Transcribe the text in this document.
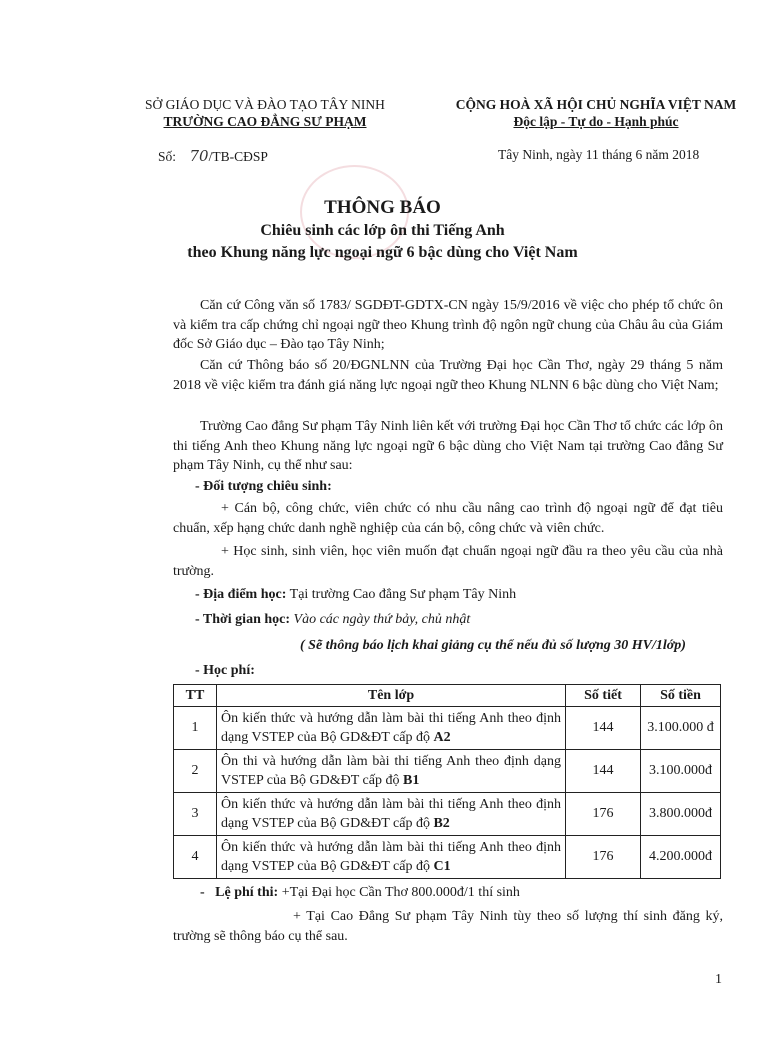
SỞ GIÁO DỤC VÀ ĐÀO TẠO TÂY NINH
TRƯỜNG CAO ĐẲNG SƯ PHẠM
CỘNG HOÀ XÃ HỘI CHỦ NGHĨA VIỆT NAM
Độc lập - Tự do - Hạnh phúc
Số: 70/TB-CĐSP	Tây Ninh, ngày 11 tháng 6 năm 2018
THÔNG BÁO
Chiêu sinh các lớp ôn thi Tiếng Anh
theo Khung năng lực ngoại ngữ 6 bậc dùng cho Việt Nam
Căn cứ Công văn số 1783/ SGDĐT-GDTX-CN ngày 15/9/2016 về việc cho phép tổ chức ôn và kiểm tra cấp chứng chỉ ngoại ngữ theo Khung trình độ ngôn ngữ chung của Châu âu của Giám đốc Sở Giáo dục – Đào tạo Tây Ninh;
Căn cứ Thông báo số 20/ĐGNLNN của Trường Đại học Cần Thơ, ngày 29 tháng 5 năm 2018 về việc kiểm tra đánh giá năng lực ngoại ngữ theo Khung NLNN 6 bậc dùng cho Việt Nam;
Trường Cao đẳng Sư phạm Tây Ninh liên kết với trường Đại học Cần Thơ tổ chức các lớp ôn thi tiếng Anh theo Khung năng lực ngoại ngữ 6 bậc dùng cho Việt Nam tại trường Cao đẳng Sư phạm Tây Ninh, cụ thể như sau:
- Đối tượng chiêu sinh:
+ Cán bộ, công chức, viên chức có nhu cầu nâng cao trình độ ngoại ngữ để đạt tiêu chuẩn, xếp hạng chức danh nghề nghiệp của cán bộ, công chức và viên chức.
+ Học sinh, sinh viên, học viên muốn đạt chuẩn ngoại ngữ đầu ra theo yêu cầu của nhà trường.
- Địa điểm học: Tại trường Cao đẳng Sư phạm Tây Ninh
- Thời gian học: Vào các ngày thứ bảy, chủ nhật
( Sẽ thông báo lịch khai giảng cụ thể nếu đủ số lượng 30 HV/1lớp)
- Học phí:
TT	Tên lớp	Số tiết	Số tiền
1	Ôn kiến thức và hướng dẫn làm bài thi tiếng Anh theo định dạng VSTEP của Bộ GD&ĐT cấp độ A2	144	3.100.000 đ
2	Ôn thi và hướng dẫn làm bài thi tiếng Anh theo định dạng VSTEP của Bộ GD&ĐT cấp độ B1	144	3.100.000đ
3	Ôn kiến thức và hướng dẫn làm bài thi tiếng Anh theo định dạng VSTEP của Bộ GD&ĐT cấp độ B2	176	3.800.000đ
4	Ôn kiến thức và hướng dẫn làm bài thi tiếng Anh theo định dạng VSTEP của Bộ GD&ĐT cấp độ C1	176	4.200.000đ
-   Lệ phí thi: +Tại Đại học Cần Thơ 800.000đ/1 thí sinh
+ Tại Cao Đẳng Sư phạm Tây Ninh tùy theo số lượng thí sinh đăng ký, trường sẽ thông báo cụ thể sau.
1
